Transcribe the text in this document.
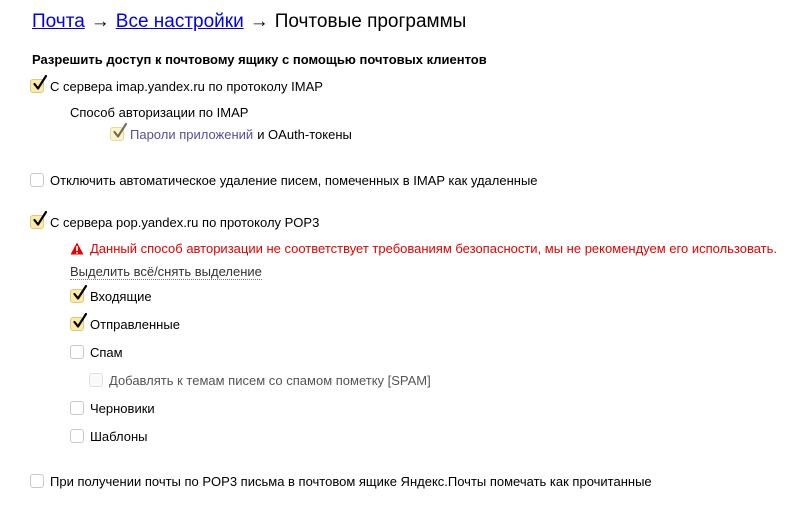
Почта → Все настройки → Почтовые программы
Разрешить доступ к почтовому ящику с помощью почтовых клиентов
С сервера imap.yandex.ru по протоколу IMAP
Способ авторизации по IMAP
Пароли приложений и OAuth-токены
Отключить автоматическое удаление писем, помеченных в IMAP как удаленные
С сервера pop.yandex.ru по протоколу POP3
Данный способ авторизации не соответствует требованиям безопасности, мы не рекомендуем его использовать.
Выделить всё/снять выделение
Входящие
Отправленные
Спам
Добавлять к темам писем со спамом пометку [SPAM]
Черновики
Шаблоны
При получении почты по POP3 письма в почтовом ящике Яндекс.Почты помечать как прочитанные
